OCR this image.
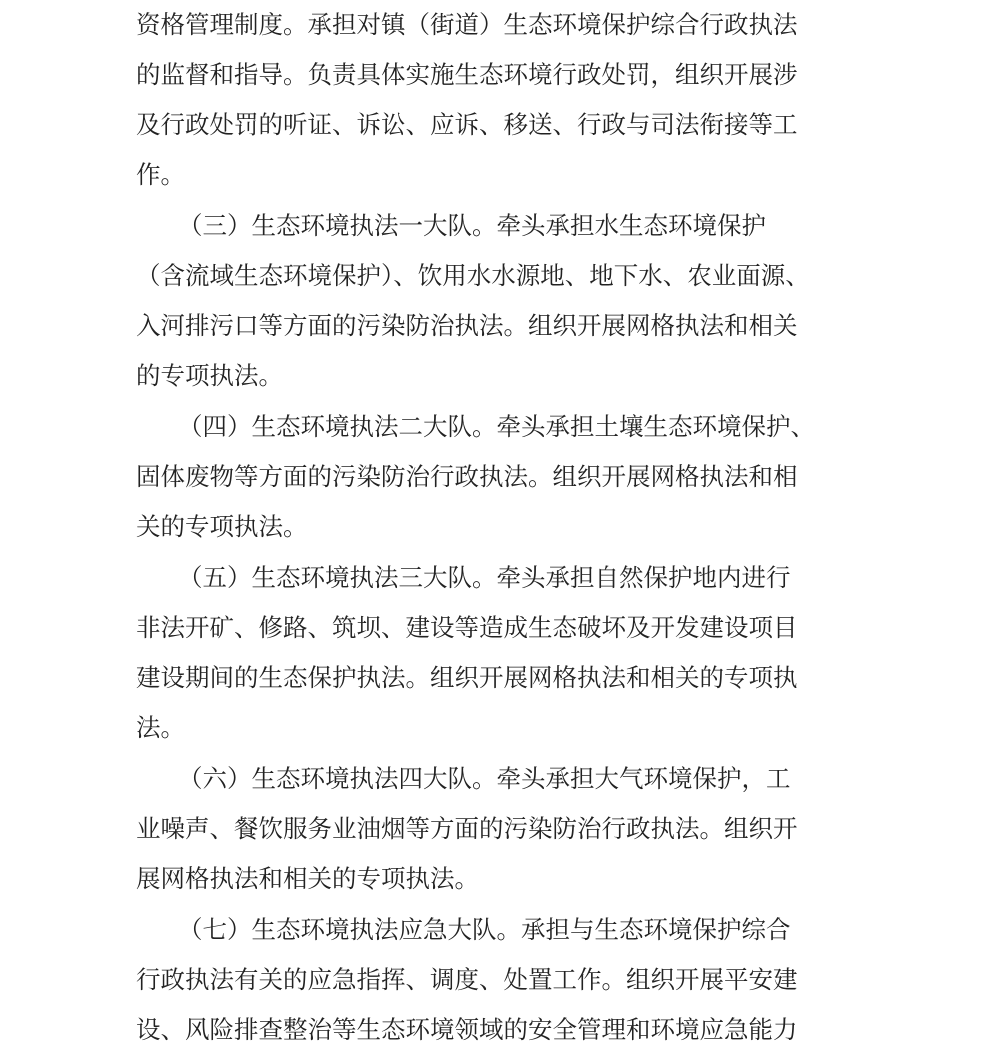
资格管理制度。承担对镇（街道）生态环境保护综合行政执法
的监督和指导。负责具体实施生态环境行政处罚，组织开展涉
及行政处罚的听证、诉讼、应诉、移送、行政与司法衔接等工
作。
（三）生态环境执法一大队。牵头承担水生态环境保护
（含流域生态环境保护）、饮用水水源地、地下水、农业面源、
入河排污口等方面的污染防治执法。组织开展网格执法和相关
的专项执法。
（四）生态环境执法二大队。牵头承担土壤生态环境保护、
固体废物等方面的污染防治行政执法。组织开展网格执法和相
关的专项执法。
（五）生态环境执法三大队。牵头承担自然保护地内进行
非法开矿、修路、筑坝、建设等造成生态破坏及开发建设项目
建设期间的生态保护执法。组织开展网格执法和相关的专项执
法。
（六）生态环境执法四大队。牵头承担大气环境保护，工
业噪声、餐饮服务业油烟等方面的污染防治行政执法。组织开
展网格执法和相关的专项执法。
（七）生态环境执法应急大队。承担与生态环境保护综合
行政执法有关的应急指挥、调度、处置工作。组织开展平安建
设、风险排查整治等生态环境领域的安全管理和环境应急能力
